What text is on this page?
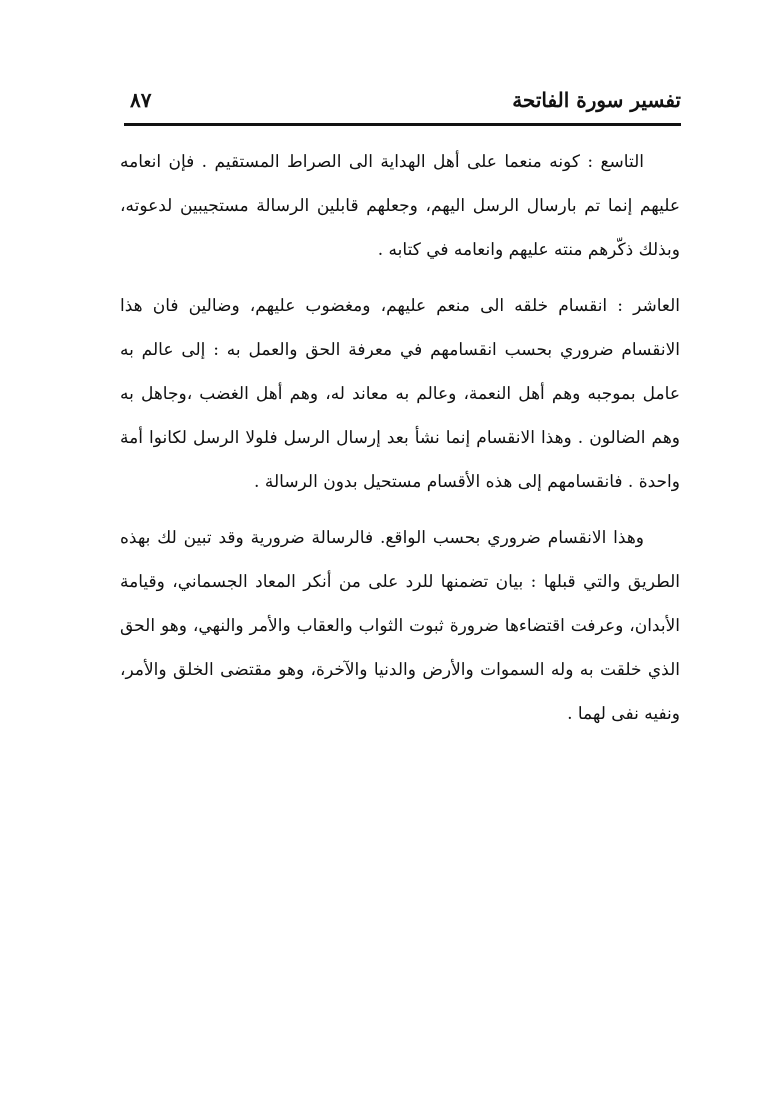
تفسير سورة الفاتحة
٨٧

التاسع : كونه منعما على أهل الهداية الى الصراط المستقيم . فإن انعامه عليهم إنما تم بارسال الرسل اليهم، وجعلهم قابلين الرسالة مستجيبين لدعوته، وبذلك ذكّرهم منته عليهم وانعامه في كتابه .

العاشر : انقسام خلقه الى منعم عليهم، ومغضوب عليهم، وضالين فان هذا الانقسام ضروري بحسب انقسامهم في معرفة الحق والعمل به : إلى عالم به عامل بموجبه وهم أهل النعمة، وعالم به معاند له، وهم أهل الغضب ،وجاهل به وهم الضالون . وهذا الانقسام إنما نشأ بعد إرسال الرسل فلولا الرسل لكانوا أمة واحدة . فانقسامهم إلى هذه الأقسام مستحيل بدون الرسالة .

وهذا الانقسام ضروري بحسب الواقع. فالرسالة ضرورية وقد تبين لك بهذه الطريق والتي قبلها : بيان تضمنها للرد على من أنكر المعاد الجسماني، وقيامة الأبدان، وعرفت اقتضاءها ضرورة ثبوت الثواب والعقاب والأمر والنهي، وهو الحق الذي خلقت به وله السموات والأرض والدنيا والآخرة، وهو مقتضى الخلق والأمر، ونفيه نفى لهما .
